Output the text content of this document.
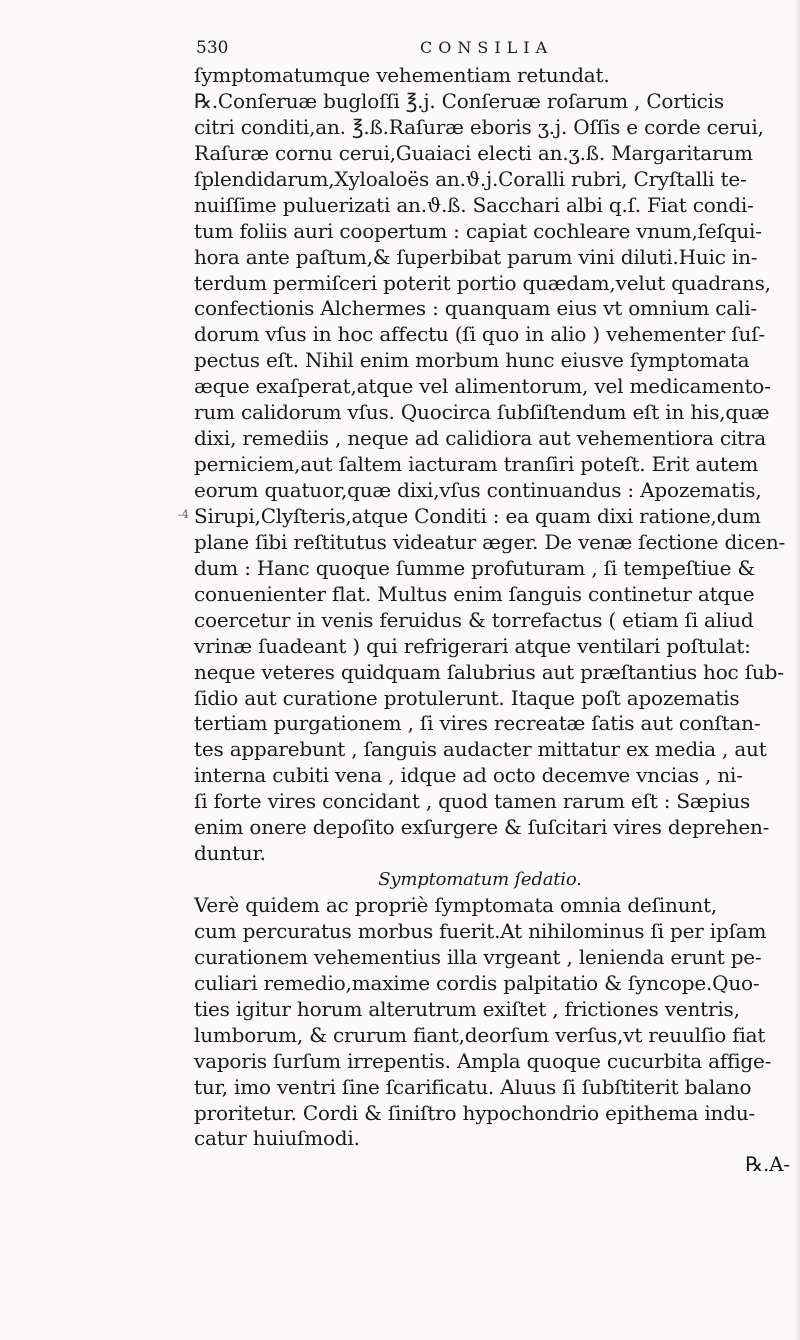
530	CONSILIA
ſymptomatumque vehementiam retundat.
℞.Conſeruæ bugloſſi ℥.j. Conſeruæ roſarum , Corticis
citri conditi,an. ℥.ß.Raſuræ eboris ʒ.j. Oſſis e corde cerui,
Raſuræ cornu cerui,Guaiaci electi an.ʒ.ß. Margaritarum
ſplendidarum,Xyloaloës an.ϑ.j.Coralli rubri, Cryſtalli te-
nuiſſime puluerizati an.ϑ.ß. Sacchari albi q.ſ. Fiat condi-
tum foliis auri coopertum : capiat cochleare vnum,ſeſqui-
hora ante paſtum,& ſuperbibat parum vini diluti.Huic in-
terdum permiſceri poterit portio quædam,velut quadrans,
confectionis Alchermes : quanquam eius vt omnium cali-
dorum vſus in hoc affectu (ſi quo in alio ) vehementer ſuſ-
pectus eſt. Nihil enim morbum hunc eiusve ſymptomata
æque exaſperat,atque vel alimentorum, vel medicamento-
rum calidorum vſus. Quocirca ſubſiſtendum eſt in his,quæ
dixi, remediis , neque ad calidiora aut vehementiora citra
perniciem,aut ſaltem iacturam tranſiri poteſt. Erit autem
eorum quatuor,quæ dixi,vſus continuandus : Apozematis,
Sirupi,Clyſteris,atque Conditi : ea quam dixi ratione,dum
plane ſibi reſtitutus videatur æger. De venæ ſectione dicen-
dum : Hanc quoque ſumme profuturam , ſi tempeſtiue &
conuenienter flat. Multus enim ſanguis continetur atque
coercetur in venis feruidus & torrefactus ( etiam ſi aliud
vrinæ ſuadeant ) qui refrigerari atque ventilari poſtulat:
neque veteres quidquam ſalubrius aut præſtantius hoc ſub-
ſidio aut curatione protulerunt. Itaque poſt apozematis
tertiam purgationem , ſi vires recreatæ ſatis aut conſtan-
tes apparebunt , ſanguis audacter mittatur ex media , aut
interna cubiti vena , idque ad octo decemve vncias , ni-
ſi forte vires concidant , quod tamen rarum eſt : Sæpius
enim onere depoſito exſurgere & ſuſcitari vires deprehen-
duntur.
Symptomatum ſedatio.
Verè quidem ac propriè ſymptomata omnia deſinunt,
cum percuratus morbus fuerit.At nihilominus ſi per ipſam
curationem vehementius illa vrgeant , lenienda erunt pe-
culiari remedio,maxime cordis palpitatio & ſyncope.Quo-
ties igitur horum alterutrum exiſtet , frictiones ventris,
lumborum, & crurum fiant,deorſum verſus,vt reuulſio fiat
vaporis ſurſum irrepentis. Ampla quoque cucurbita affige-
tur, imo ventri ſine ſcarificatu. Aluus ſi ſubſtiterit balano
proritetur. Cordi & ſiniſtro hypochondrio epithema indu-
catur huiuſmodi.
℞.A-
-4
